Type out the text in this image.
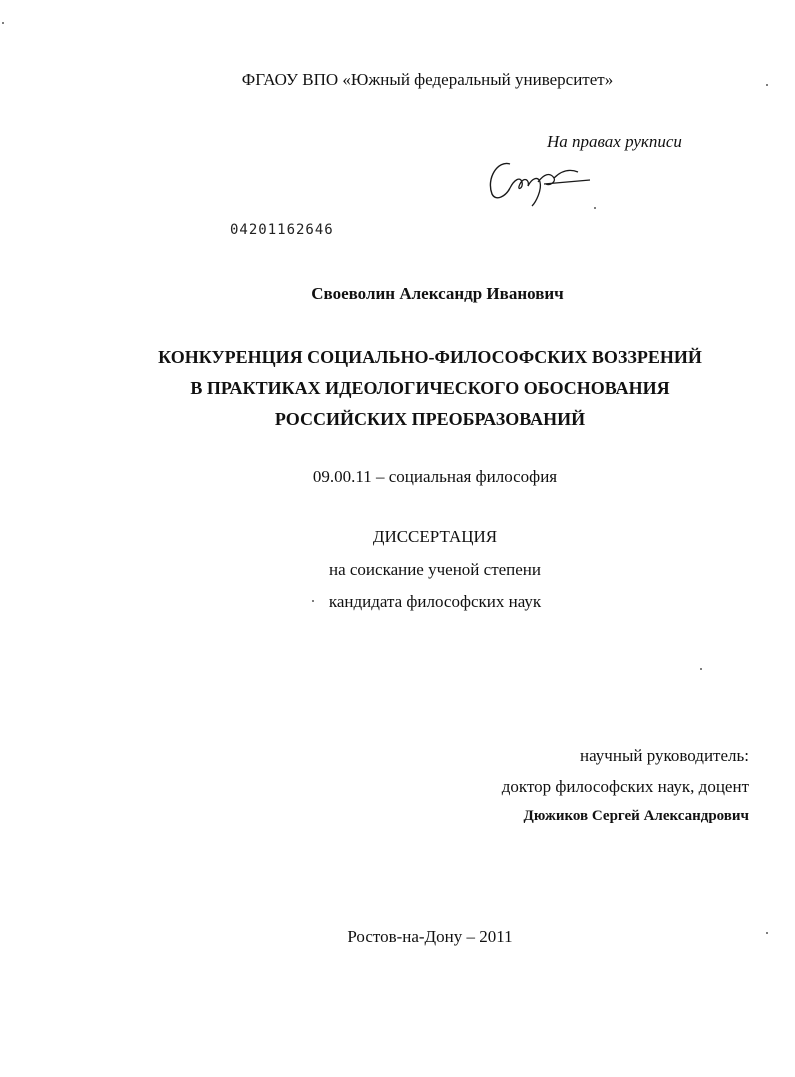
ФГАОУ ВПО «Южный федеральный университет»
На правах рукписи
04201162646
Своеволин Александр Иванович
КОНКУРЕНЦИЯ СОЦИАЛЬНО-ФИЛОСОФСКИХ ВОЗЗРЕНИЙ
В ПРАКТИКАХ ИДЕОЛОГИЧЕСКОГО ОБОСНОВАНИЯ
РОССИЙСКИХ ПРЕОБРАЗОВАНИЙ
09.00.11 – социальная философия
ДИССЕРТАЦИЯ
на соискание ученой степени
кандидата философских наук
научный руководитель:
доктор философских наук, доцент
Дюжиков Сергей Александрович
Ростов-на-Дону – 2011
